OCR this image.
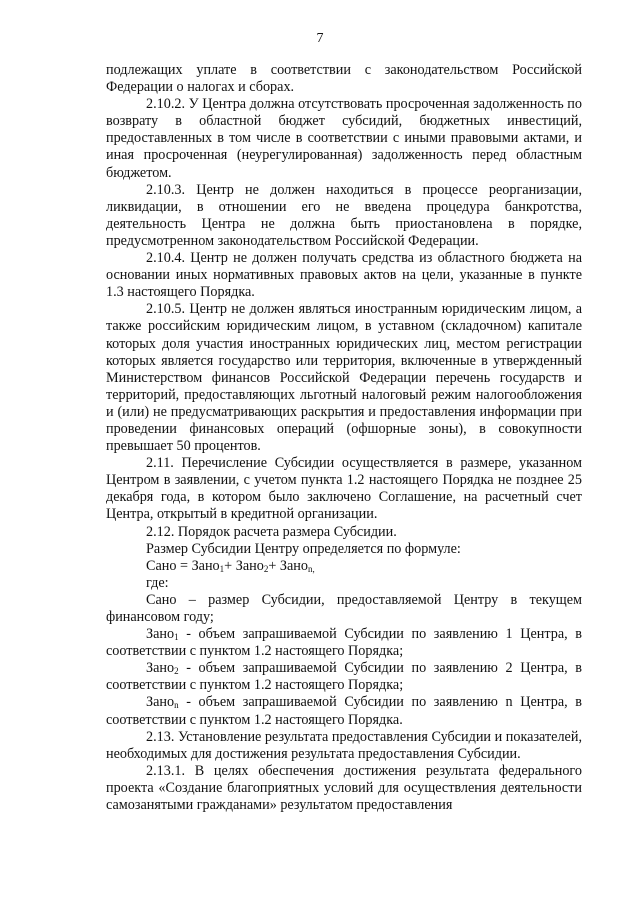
7

подлежащих уплате в соответствии с законодательством Российской Федерации о налогах и сборах.

2.10.2. У Центра должна отсутствовать просроченная задолженность по возврату в областной бюджет субсидий, бюджетных инвестиций, предоставленных в том числе в соответствии с иными правовыми актами, и иная просроченная (неурегулированная) задолженность перед областным бюджетом.

2.10.3. Центр не должен находиться в процессе реорганизации, ликвидации, в отношении его не введена процедура банкротства, деятельность Центра не должна быть приостановлена в порядке, предусмотренном законодательством Российской Федерации.

2.10.4. Центр не должен получать средства из областного бюджета на основании иных нормативных правовых актов на цели, указанные в пункте 1.3 настоящего Порядка.

2.10.5. Центр не должен являться иностранным юридическим лицом, а также российским юридическим лицом, в уставном (складочном) капитале которых доля участия иностранных юридических лиц, местом регистрации которых является государство или территория, включенные в утвержденный Министерством финансов Российской Федерации перечень государств и территорий, предоставляющих льготный налоговый режим налогообложения и (или) не предусматривающих раскрытия и предоставления информации при проведении финансовых операций (офшорные зоны), в совокупности превышает 50 процентов.

2.11. Перечисление Субсидии осуществляется в размере, указанном Центром в заявлении, с учетом пункта 1.2 настоящего Порядка не позднее 25 декабря года, в котором было заключено Соглашение, на расчетный счет Центра, открытый в кредитной организации.

2.12. Порядок расчета размера Субсидии.

Размер Субсидии Центру определяется по формуле:

Сано = Зано$_1$+ Зано$_2$+ Зано$_{n,}$

где:

Сано – размер Субсидии, предоставляемой Центру в текущем финансовом году;

Зано$_1$ - объем запрашиваемой Субсидии по заявлению 1 Центра, в соответствии с пунктом 1.2 настоящего Порядка;

Зано$_2$ - объем запрашиваемой Субсидии по заявлению 2 Центра, в соответствии с пунктом 1.2 настоящего Порядка;

Зано$_n$ - объем запрашиваемой Субсидии по заявлению n Центра, в соответствии с пунктом 1.2 настоящего Порядка.

2.13. Установление результата предоставления Субсидии и показателей, необходимых для достижения результата предоставления Субсидии.

2.13.1. В целях обеспечения достижения результата федерального проекта «Создание благоприятных условий для осуществления деятельности самозанятыми гражданами» результатом предоставления
